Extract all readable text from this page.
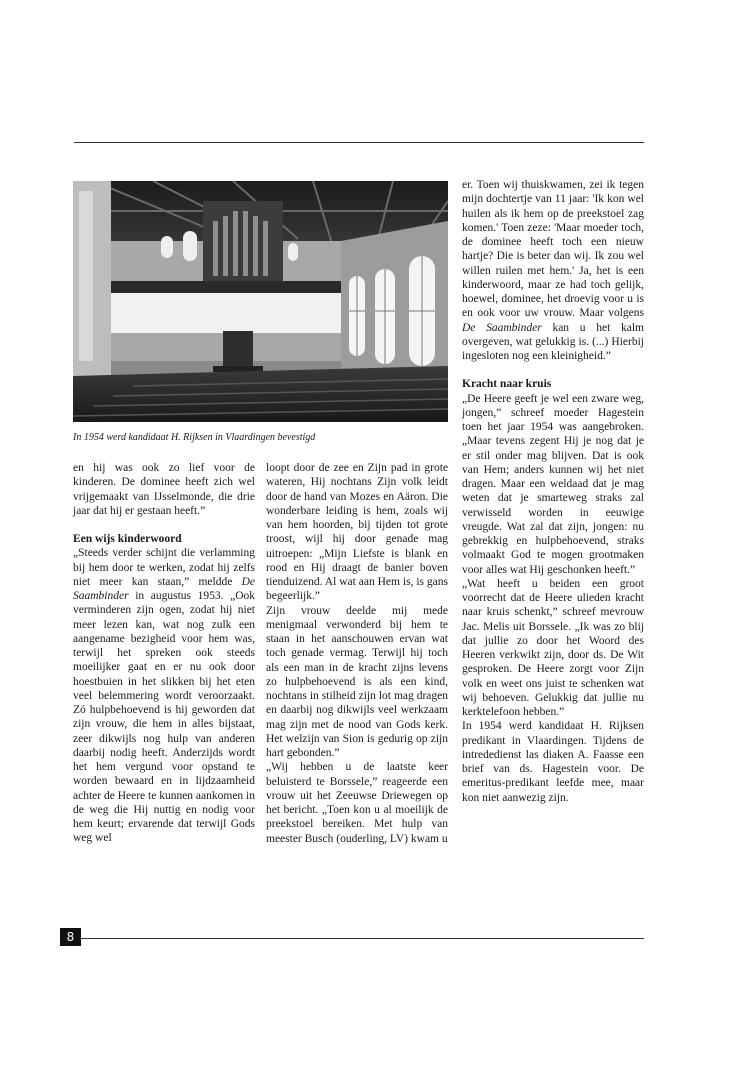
In 1954 werd kandidaat H. Rijksen in Vlaardingen bevestigd

en hij was ook zo lief voor de kinderen. De dominee heeft zich wel vrijgemaakt van IJsselmonde, die drie jaar dat hij er gestaan heeft.”

Een wijs kinderwoord

„Steeds verder schijnt die verlamming bij hem door te werken, zodat hij zelfs niet meer kan staan,” meldde De Saambinder in augustus 1953. „Ook verminderen zijn ogen, zodat hij niet meer lezen kan, wat nog zulk een aangename bezigheid voor hem was, terwijl het spreken ook steeds moeilijker gaat en er nu ook door hoestbuien in het slikken bij het eten veel belemmering wordt veroorzaakt. Zó hulpbehoevend is hij geworden dat zijn vrouw, die hem in alles bijstaat, zeer dikwijls nog hulp van anderen daarbij nodig heeft. Anderzijds wordt het hem vergund voor opstand te worden bewaard en in lijdzaamheid achter de Heere te kunnen aankomen in de weg die Hij nuttig en nodig voor hem keurt; ervarende dat terwijl Gods weg wel

loopt door de zee en Zijn pad in grote wateren, Hij nochtans Zijn volk leidt door de hand van Mozes en Aäron. Die wonderbare leiding is hem, zoals wij van hem hoorden, bij tijden tot grote troost, wijl hij door genade mag uitroepen: „Mijn Liefste is blank en rood en Hij draagt de banier boven tienduizend. Al wat aan Hem is, is gans begeerlijk.”

Zijn vrouw deelde mij mede menigmaal verwonderd bij hem te staan in het aanschouwen ervan wat toch genade vermag. Terwijl hij toch als een man in de kracht zijns levens zo hulpbehoevend is als een kind, nochtans in stilheid zijn lot mag dragen en daarbij nog dikwijls veel werkzaam mag zijn met de nood van Gods kerk. Het welzijn van Sion is gedurig op zijn hart gebonden.”

„Wij hebben u de laatste keer beluisterd te Borssele,” reageerde een vrouw uit het Zeeuwse Driewegen op het bericht. „Toen kon u al moeilijk de preekstoel bereiken. Met hulp van meester Busch (ouderling, LV) kwam u

er. Toen wij thuiskwamen, zei ik tegen mijn dochtertje van 11 jaar: 'Ik kon wel huilen als ik hem op de preekstoel zag komen.' Toen zeze: 'Maar moeder toch, de dominee heeft toch een nieuw hartje? Die is beter dan wij. Ik zou wel willen ruilen met hem.' Ja, het is een kinderwoord, maar ze had toch gelijk, hoewel, dominee, het droevig voor u is en ook voor uw vrouw. Maar volgens De Saambinder kan u het kalm overgeven, wat gelukkig is. (...) Hierbij ingesloten nog een kleinigheid.”

Kracht naar kruis

„De Heere geeft je wel een zware weg, jongen,” schreef moeder Hagestein toen het jaar 1954 was aangebroken. „Maar tevens zegent Hij je nog dat je er stil onder mag blijven. Dat is ook van Hem; anders kunnen wij het niet dragen. Maar een weldaad dat je mag weten dat je smarteweg straks zal verwisseld worden in eeuwige vreugde. Wat zal dat zijn, jongen: nu gebrekkig en hulpbehoevend, straks volmaakt God te mogen grootmaken voor alles wat Hij geschonken heeft.”

„Wat heeft u beiden een groot voorrecht dat de Heere ulieden kracht naar kruis schenkt,” schreef mevrouw Jac. Melis uit Borssele. „Ik was zo blij dat jullie zo door het Woord des Heeren verkwikt zijn, door ds. De Wit gesproken. De Heere zorgt voor Zijn volk en weet ons juist te schenken wat wij behoeven. Gelukkig dat jullie nu kerktelefoon hebben.”

In 1954 werd kandidaat H. Rijksen predikant in Vlaardingen. Tijdens de intrededienst las diaken A. Faasse een brief van ds. Hagestein voor. De emeritus-predikant leefde mee, maar kon niet aanwezig zijn.

8
